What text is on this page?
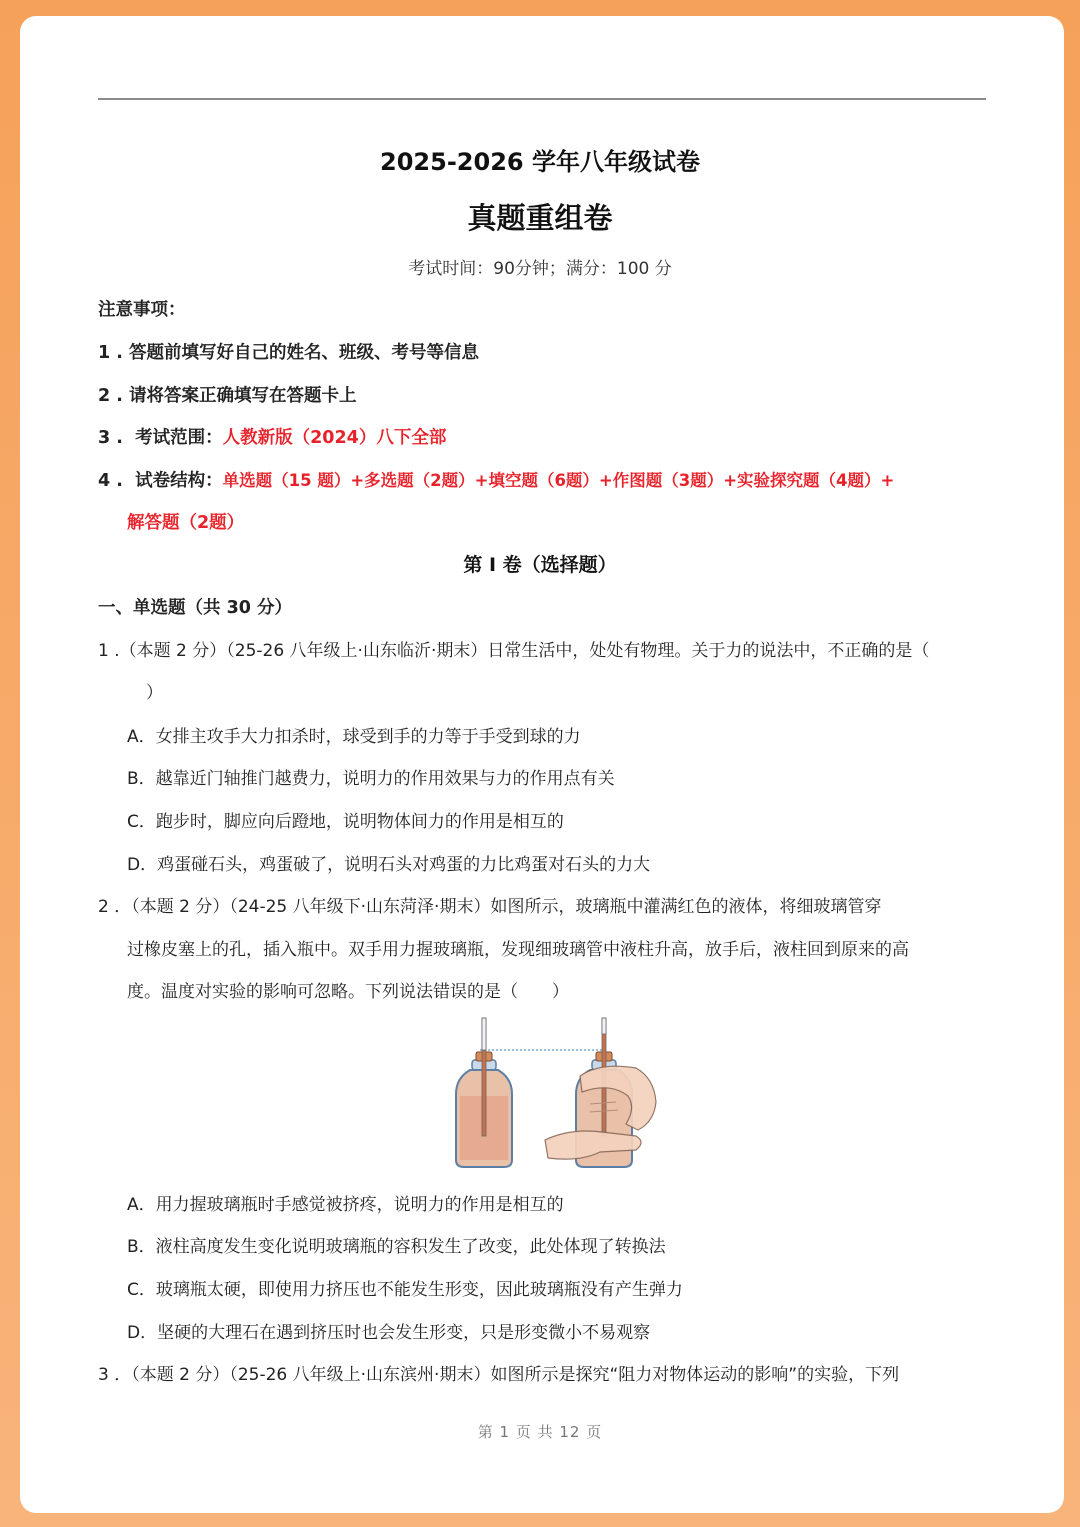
2025-2026 学年八年级试卷
真题重组卷
考试时间：90分钟；满分：100 分
注意事项：
1 . 答题前填写好自己的姓名、班级、考号等信息
2 . 请将答案正确填写在答题卡上
3 . 考试范围：人教新版（2024）八下全部
4 . 试卷结构：单选题（15 题）+多选题（2题）+填空题（6题）+作图题（3题）+实验探究题（4题）+
解答题（2题）
第 Ⅰ 卷（选择题）
一、单选题（共 30 分）
1 .（本题 2 分）（25-26 八年级上·山东临沂·期末）日常生活中，处处有物理。关于力的说法中，不正确的是（
）
A．女排主攻手大力扣杀时，球受到手的力等于手受到球的力
B．越靠近门轴推门越费力，说明力的作用效果与力的作用点有关
C．跑步时，脚应向后蹬地，说明物体间力的作用是相互的
D．鸡蛋碰石头，鸡蛋破了，说明石头对鸡蛋的力比鸡蛋对石头的力大
2 ．（本题 2 分）（24-25 八年级下·山东菏泽·期末）如图所示，玻璃瓶中灌满红色的液体，将细玻璃管穿
过橡皮塞上的孔，插入瓶中。双手用力握玻璃瓶，发现细玻璃管中液柱升高，放手后，液柱回到原来的高
度。温度对实验的影响可忽略。下列说法错误的是（　　）
A．用力握玻璃瓶时手感觉被挤疼，说明力的作用是相互的
B．液柱高度发生变化说明玻璃瓶的容积发生了改变，此处体现了转换法
C．玻璃瓶太硬，即使用力挤压也不能发生形变，因此玻璃瓶没有产生弹力
D．坚硬的大理石在遇到挤压时也会发生形变，只是形变微小不易观察
3 ．（本题 2 分）（25-26 八年级上·山东滨州·期末）如图所示是探究“阻力对物体运动的影响”的实验，下列
第 1 页 共 12 页
